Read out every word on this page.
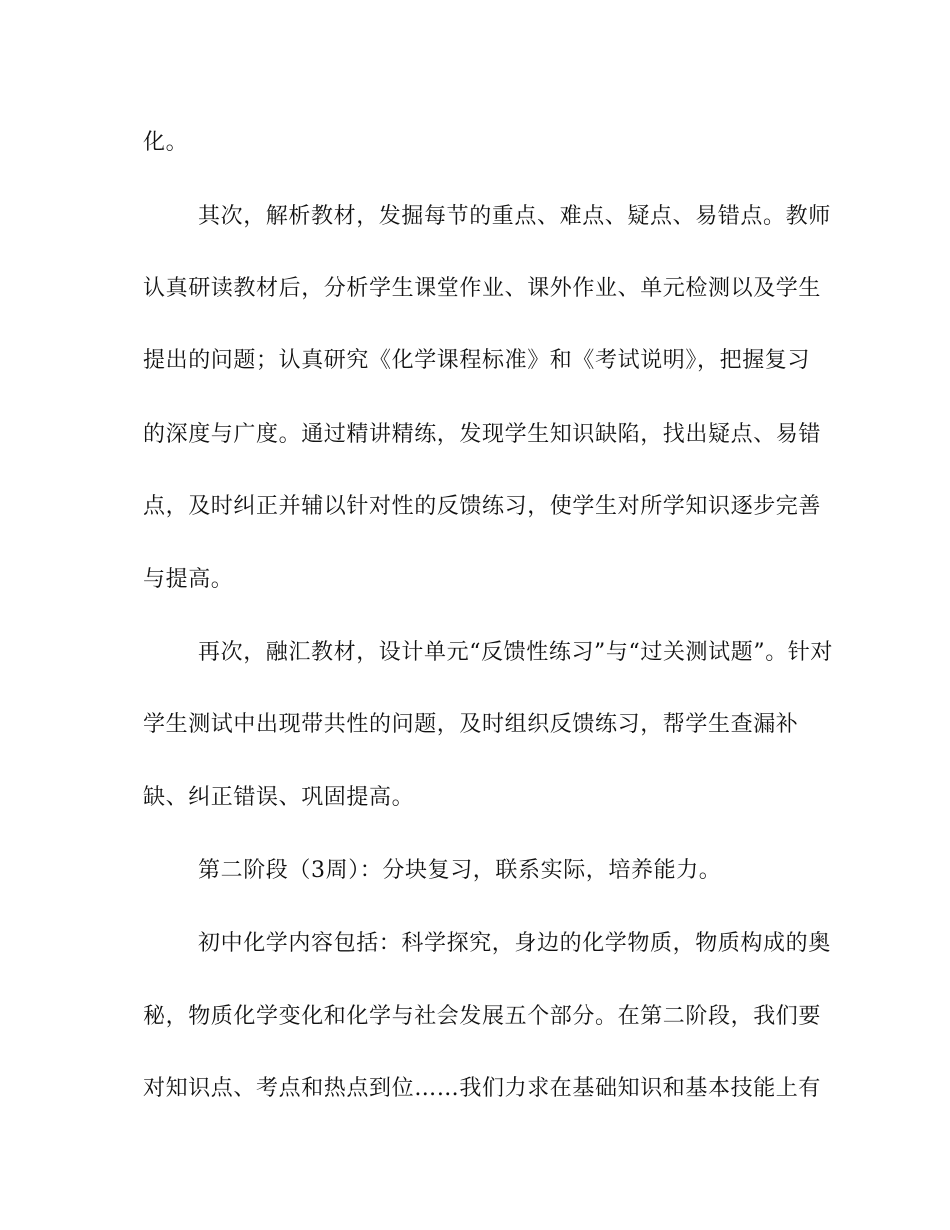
化。
其次，解析教材，发掘每节的重点、难点、疑点、易错点。教师
认真研读教材后，分析学生课堂作业、课外作业、单元检测以及学生
提出的问题；认真研究《化学课程标准》和《考试说明》，把握复习
的深度与广度。通过精讲精练，发现学生知识缺陷，找出疑点、易错
点，及时纠正并辅以针对性的反馈练习，使学生对所学知识逐步完善
与提高。
再次，融汇教材，设计单元“反馈性练习”与“过关测试题”。针对
学生测试中出现带共性的问题，及时组织反馈练习，帮学生查漏补
缺、纠正错误、巩固提高。
第二阶段（3周）：分块复习，联系实际，培养能力。
初中化学内容包括：科学探究，身边的化学物质，物质构成的奥
秘，物质化学变化和化学与社会发展五个部分。在第二阶段，我们要
对知识点、考点和热点到位……我们力求在基础知识和基本技能上有
